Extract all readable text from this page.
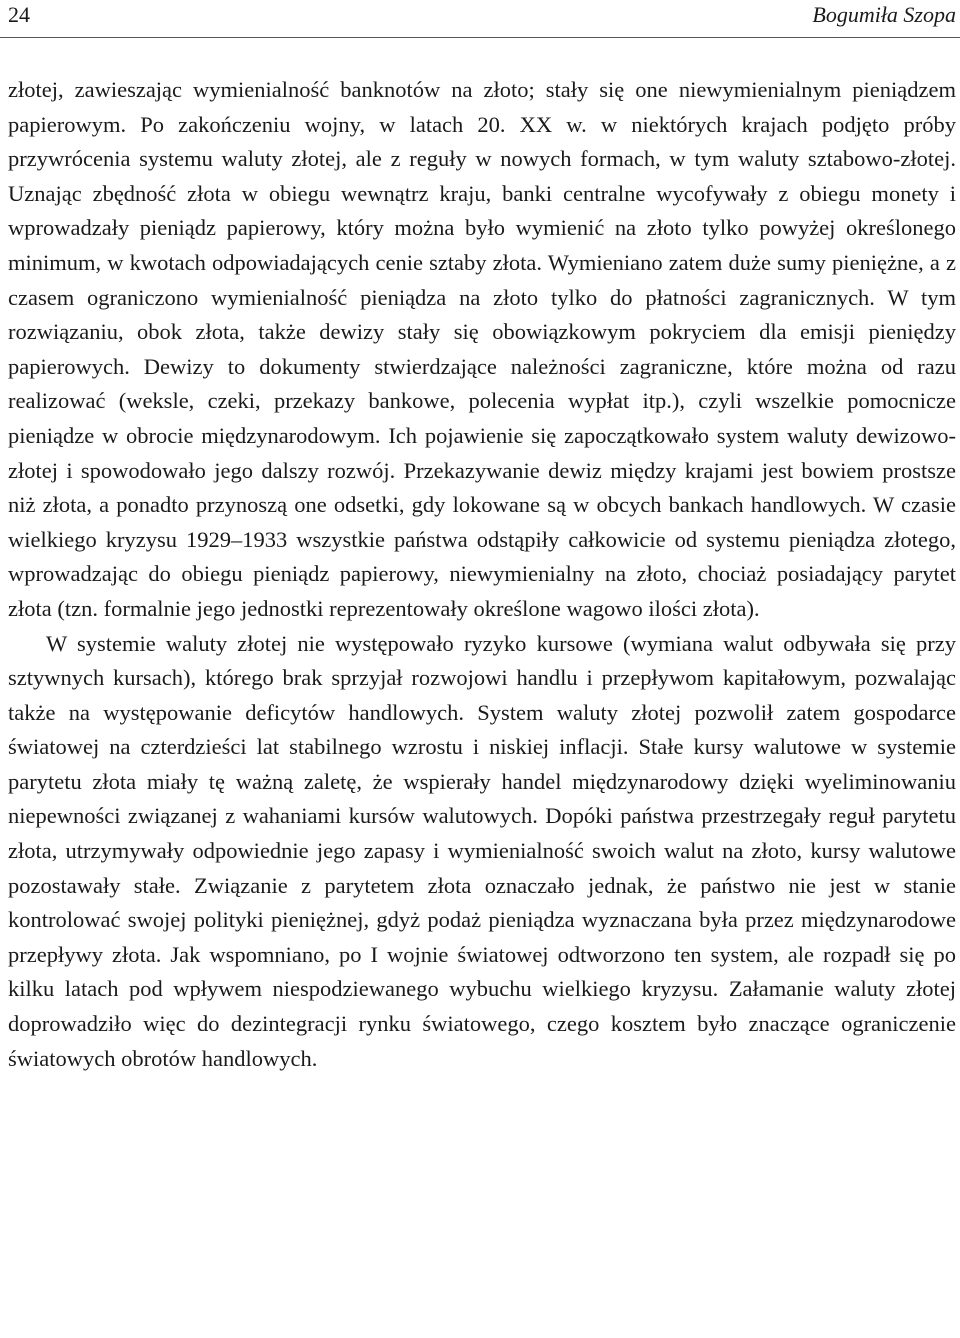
24	Bogumiła Szopa

złotej, zawieszając wymienialność banknotów na złoto; stały się one niewymienialnym pieniądzem papierowym. Po zakończeniu wojny, w latach 20. XX w. w niektórych krajach podjęto próby przywrócenia systemu waluty złotej, ale z reguły w nowych formach, w tym waluty sztabowo-złotej. Uznając zbędność złota w obiegu wewnątrz kraju, banki centralne wycofywały z obiegu monety i wprowadzały pieniądz papierowy, który można było wymienić na złoto tylko powyżej określonego minimum, w kwotach odpowiadających cenie sztaby złota. Wymieniano zatem duże sumy pieniężne, a z czasem ograniczono wymienialność pieniądza na złoto tylko do płatności zagranicznych. W tym rozwiązaniu, obok złota, także dewizy stały się obowiązkowym pokryciem dla emisji pieniędzy papierowych. Dewizy to dokumenty stwierdzające należności zagraniczne, które można od razu realizować (weksle, czeki, przekazy bankowe, polecenia wypłat itp.), czyli wszelkie pomocnicze pieniądze w obrocie międzynarodowym. Ich pojawienie się zapoczątkowało system waluty dewizowo-złotej i spowodowało jego dalszy rozwój. Przekazywanie dewiz między krajami jest bowiem prostsze niż złota, a ponadto przynoszą one odsetki, gdy lokowane są w obcych bankach handlowych. W czasie wielkiego kryzysu 1929–1933 wszystkie państwa odstąpiły całkowicie od systemu pieniądza złotego, wprowadzając do obiegu pieniądz papierowy, niewymienialny na złoto, chociaż posiadający parytet złota (tzn. formalnie jego jednostki reprezentowały określone wagowo ilości złota).

W systemie waluty złotej nie występowało ryzyko kursowe (wymiana walut odbywała się przy sztywnych kursach), którego brak sprzyjał rozwojowi handlu i przepływom kapitałowym, pozwalając także na występowanie deficytów handlowych. System waluty złotej pozwolił zatem gospodarce światowej na czterdzieści lat stabilnego wzrostu i niskiej inflacji. Stałe kursy walutowe w systemie parytetu złota miały tę ważną zaletę, że wspierały handel międzynarodowy dzięki wyeliminowaniu niepewności związanej z wahaniami kursów walutowych. Dopóki państwa przestrzegały reguł parytetu złota, utrzymywały odpowiednie jego zapasy i wymienialność swoich walut na złoto, kursy walutowe pozostawały stałe. Związanie z parytetem złota oznaczało jednak, że państwo nie jest w stanie kontrolować swojej polityki pieniężnej, gdyż podaż pieniądza wyznaczana była przez międzynarodowe przepływy złota. Jak wspomniano, po I wojnie światowej odtworzono ten system, ale rozpadł się po kilku latach pod wpływem niespodziewanego wybuchu wielkiego kryzysu. Załamanie waluty złotej doprowadziło więc do dezintegracji rynku światowego, czego kosztem było znaczące ograniczenie światowych obrotów handlowych.
